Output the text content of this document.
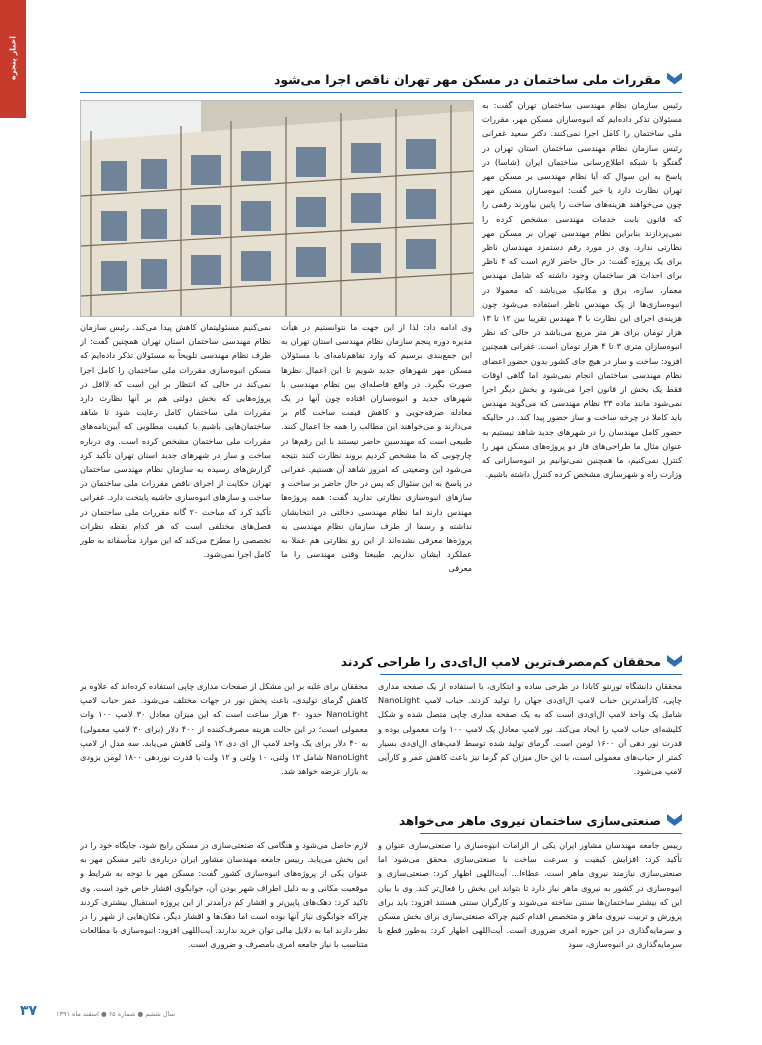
اخبار پنجره	مقررات ملی ساختمان در مسکن مهر تهران ناقص اجرا می‌شود

رئیس سازمان نظام مهندسی ساختمان تهران گفت: به مسئولان تذکر داده‌ایم که انبوه‌سازان مسکن مهر، مقررات ملی ساختمان را کامل اجرا نمی‌کنند. دکتر سعید غفرانی رئیس سازمان نظام مهندسی ساختمان استان تهران در گفتگو با شبکه اطلاع‌رسانی ساختمان ایران (شاسا) در پاسخ به این سوال که آیا نظام مهندسی بر مسکن مهر تهران نظارت دارد یا خیر گفت: انبوه‌سازان مسکن مهر چون می‌خواهند هزینه‌های ساخت را پایین بیاورند رقمی را که قانون بابت خدمات مهندسی مشخص کرده را نمی‌پردازند بنابراین نظام مهندسی تهران بر مسکن مهر نظارتی ندارد. وی در مورد رقم دستمزد مهندسان ناظر برای یک پروژه گفت: در حال حاضر لازم است که ۴ ناظر برای احداث هر ساختمان وجود داشته که شامل مهندس معمار، سازه، برق و مکانیک می‌باشد که معمولا در انبوه‌سازی‌ها از یک مهندس ناظر استفاده می‌شود چون هزینه‌ی اجرای این نظارت با ۴ مهندس تقریبا بین ۱۲ تا ۱۳ هزار تومان برای هر متر مربع می‌باشد در حالی که نظر انبوه‌سازان متری ۳ تا ۴ هزار تومان است. غفرانی همچنین افزود: ساخت و ساز در هیچ جای کشور بدون حضور اعضای نظام مهندسی ساختمان انجام نمی‌شود اما گاهی اوقات فقط یک بخش از قانون اجرا می‌شود و بخش دیگر اجرا نمی‌شود مانند ماده ۳۳ نظام مهندسی که می‌گوید مهندس باید کاملا در چرخه ساخت و ساز حضور پیدا کند. در حالیکه حضور کامل مهندسان را در شهرهای جدید شاهد نیستیم به عنوان مثال ما طراحی‌های فاز دو پروژه‌های مسکن مهر را کنترل نمی‌کنیم، ما همچنین نمی‌توانیم بر انبوه‌سازانی که وزارت راه و شهرسازی مشخص کرده کنترل داشته باشیم.

وی ادامه داد: لذا از این جهت ما نتوانستیم در هیأت مدیره دوره پنجم سازمان نظام مهندسی استان تهران به این جمع‌بندی برسیم که وارد تفاهم‌نامه‌ای با مسئولان مسکن مهر شهرهای جدید شویم تا این اعمال نظرها صورت بگیرد. در واقع فاصله‌ای بین نظام مهندسی با شهرهای جدید و انبوه‌سازان افتاده چون آنها در یک معادله صرفه‌جویی و کاهش قیمت ساخت گام بر می‌دارند و می‌خواهند این مطالب را همه جا اعمال کنند. طبیعی است که مهندسین حاضر نیستند با این رقم‌ها در چارچوبی که ما مشخص کردیم بروند نظارت کنند نتیجه می‌شود این وضعیتی که امروز شاهد آن هستیم. غفرانی در پاسخ به این سئوال که پس در حال حاضر بر ساخت و سازهای انبوه‌سازی نظارتی ندارید گفت: همه پروژه‌ها مهندس دارند اما نظام مهندسی دخالتی در انتخابشان نداشته و رسما از طرف سازمان نظام مهندسی به پروژه‌ها معرفی نشده‌اند از این رو نظارتی هم عملا به عملکرد ایشان نداریم. طبیعتا وقتی مهندسی را ما معرفی

نمی‌کنیم مسئولیتمان کاهش پیدا می‌کند. رئیس سازمان نظام مهندسی ساختمان استان تهران همچنین گفت: از طرف نظام مهندسی تلویحاً به مسئولان تذکر داده‌ایم که مسکن انبوه‌سازی مقررات ملی ساختمان را کامل اجرا نمی‌کند در حالی که انتظار بر این است که لااقل در پروژه‌هایی که بخش دولتی هم بر آنها نظارت دارد مقررات ملی ساختمان کامل رعایت شود تا شاهد ساختمان‌هایی باشیم با کیفیت مطلوبی که آیین‌نامه‌های مقررات ملی ساختمان مشخص کرده است. وی درباره ساخت و ساز در شهرهای جدید استان تهران تأکید کرد گزارش‌های رسیده به سازمان نظام مهندسی ساختمان تهران حکایت از اجرای ناقص مقررات ملی ساختمان در ساخت و سازهای انبوه‌سازی حاشیه پایتخت دارد. غفرانی تأکید کرد که مباحث ۲۰ گانه مقررات ملی ساختمان در فصل‌های مختلفی است که هر کدام نقطه نظرات تخصصی را مطرح می‌کند که این موارد متأسفانه به طور کامل اجرا نمی‌شود.

محققان کم‌مصرف‌ترین لامپ ال‌ای‌دی را طراحی کردند

محققان دانشگاه تورنتو کانادا در طرحی ساده و ابتکاری، با استفاده از یک صفحه مداری چاپی، کارآمدترین حباب لامپ ال‌ای‌دی جهان را تولید کردند. حباب لامپ NanoLight شامل یک واحد لامپ ال‌ای‌دی است که به یک صفحه مداری چاپی متصل شده و شکل کلیشه‌ای حباب لامپ را ایجاد می‌کند. نور لامپ معادل یک لامپ ۱۰۰ وات معمولی بوده و قدرت نور دهی آن ۱۶۰۰ لومن است. گرمای تولید شده توسط لامپ‌های ال‌ای‌دی بسیار کمتر از حباب‌های معمولی است، با این حال میزان کم گرما نیز باعث کاهش عمر و کارآیی لامپ می‌شود.

محققان برای غلبه بر این مشکل از صفحات مداری چاپی استفاده کرده‌اند که علاوه بر کاهش گرمای تولیدی، باعث پخش نور در جهات مختلف می‌شود. عمر حباب لامپ NanoLight حدود ۳۰ هزار ساعت است که این میزان معادل ۳۰ لامپ ۱۰۰ وات معمولی است؛ در این حالت هزینه مصرف‌کننده از ۴۰۰ دلار (برای ۳۰ لامپ معمولی) به ۴۰ دلار برای یک واحد لامپ ال ای دی ۱۲ ولتی کاهش می‌یابد. سه مدل از لامپ NanoLight شامل ۱۲ ولتی، ۱۰ ولتی و ۱۲ ولت با قدرت نوردهی ۱۸۰۰ لومن بزودی به بازار عرضه خواهد شد.

صنعتی‌سازی ساختمان نیروی ماهر می‌خواهد

رییس جامعه مهندسان مشاور ایران یکی از الزامات انبوه‌سازی را صنعتی‌سازی عنوان و تأکید کرد: افزایش کیفیت و سرعت ساخت با صنعتی‌سازی محقق می‌شود اما صنعتی‌سازی نیازمند نیروی ماهر است. عطاءا... آیت‌اللهی اظهار کرد: صنعتی‌سازی و انبوه‌سازی در کشور به نیروی ماهر نیاز دارد تا بتواند این بخش را فعال‌تر کند. وی با بیان این که بیشتر ساختمان‌ها سنتی ساخته می‌شوند و کارگران سنتی هستند افزود: باید برای پرورش و تربیت نیروی ماهر و متخصص اقدام کنیم چراکه صنعتی‌سازی برای بخش مسکن و سرمایه‌گذاری در این حوزه امری ضروری است. آیت‌اللهی اظهار کرد: به‌طور قطع با سرمایه‌گذاری در انبوه‌سازی، سود

لازم حاصل می‌شود و هنگامی که صنعتی‌سازی در مسکن رایج شود، جایگاه خود را در این بخش می‌یابد. رییس جامعه مهندسان مشاور ایران درباره‌ی تاثیر مسکن مهر به عنوان یکی از پروژه‌های انبوه‌سازی کشور گفت: مسکن مهر با توجه به شرایط و موقعیت مکانی و به دلیل اطراف شهر بودن آن، جوابگوی اقشار خاص خود است. وی تاکید کرد: دهک‌های پایین‌تر و اقشار کم درآمدتر از این پروژه استقبال بیشتری کردند چراکه جوابگوی نیاز آنها بوده است اما دهک‌ها و اقشار دیگر، مکان‌هایی از شهر را در نظر دارند اما به دلایل مالی توان خرید ندارند. آیت‌اللهی افزود: انبوه‌سازی با مطالعات متناسب با نیاز جامعه امری بامصرف و ضروری است.

۳۷	سال ششم ● شماره ۶۵ ● اسفند ماه ۱۳۹۱
